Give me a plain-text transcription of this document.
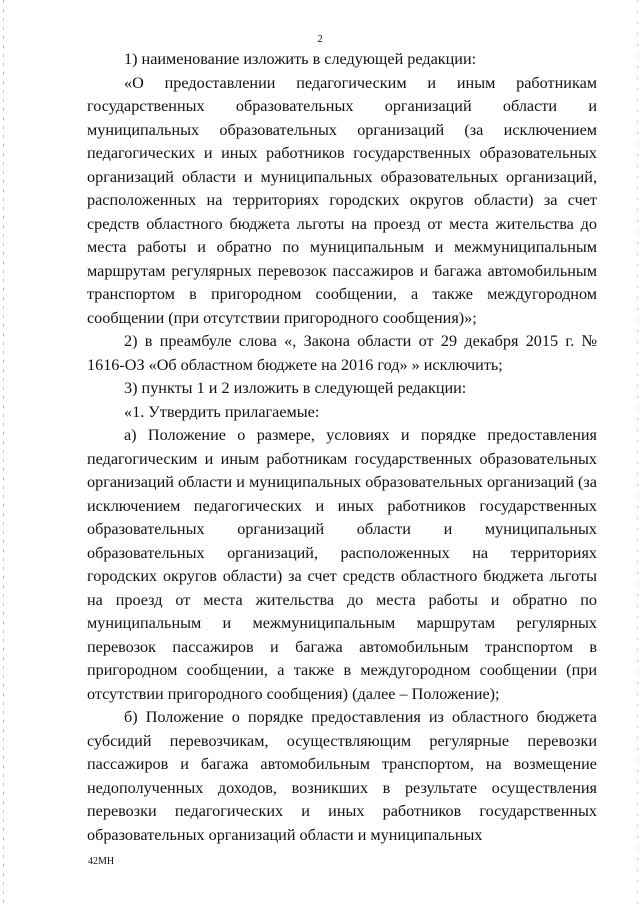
2

1) наименование изложить в следующей редакции:

«О предоставлении педагогическим и иным работникам государственных образовательных организаций области и муниципальных образовательных организаций (за исключением педагогических и иных работников государственных образовательных организаций области и муниципальных образовательных организаций, расположенных на территориях городских округов области) за счет средств областного бюджета льготы на проезд от места жительства до места работы и обратно по муниципальным и межмуниципальным маршрутам регулярных перевозок пассажиров и багажа автомобильным транспортом в пригородном сообщении, а также междугородном сообщении (при отсутствии пригородного сообщения)»;

2) в преамбуле слова «, Закона области от 29 декабря 2015 г. № 1616-ОЗ «Об областном бюджете на 2016 год» » исключить;

3) пункты 1 и 2 изложить в следующей редакции:

«1. Утвердить прилагаемые:

а) Положение о размере, условиях и порядке предоставления педагогическим и иным работникам государственных образовательных организаций области и муниципальных образовательных организаций (за исключением педагогических и иных работников государственных образовательных организаций области и муниципальных образовательных организаций, расположенных на территориях городских округов области) за счет средств областного бюджета льготы на проезд от места жительства до места работы и обратно по муниципальным и межмуниципальным маршрутам регулярных перевозок пассажиров и багажа автомобильным транспортом в пригородном сообщении, а также в междугородном сообщении (при отсутствии пригородного сообщения) (далее – Положение);

б) Положение о порядке предоставления из областного бюджета субсидий перевозчикам, осуществляющим регулярные перевозки пассажиров и багажа автомобильным транспортом, на возмещение недополученных доходов, возникших в результате осуществления перевозки педагогических и иных работников государственных образовательных организаций области и муниципальных

42МН
